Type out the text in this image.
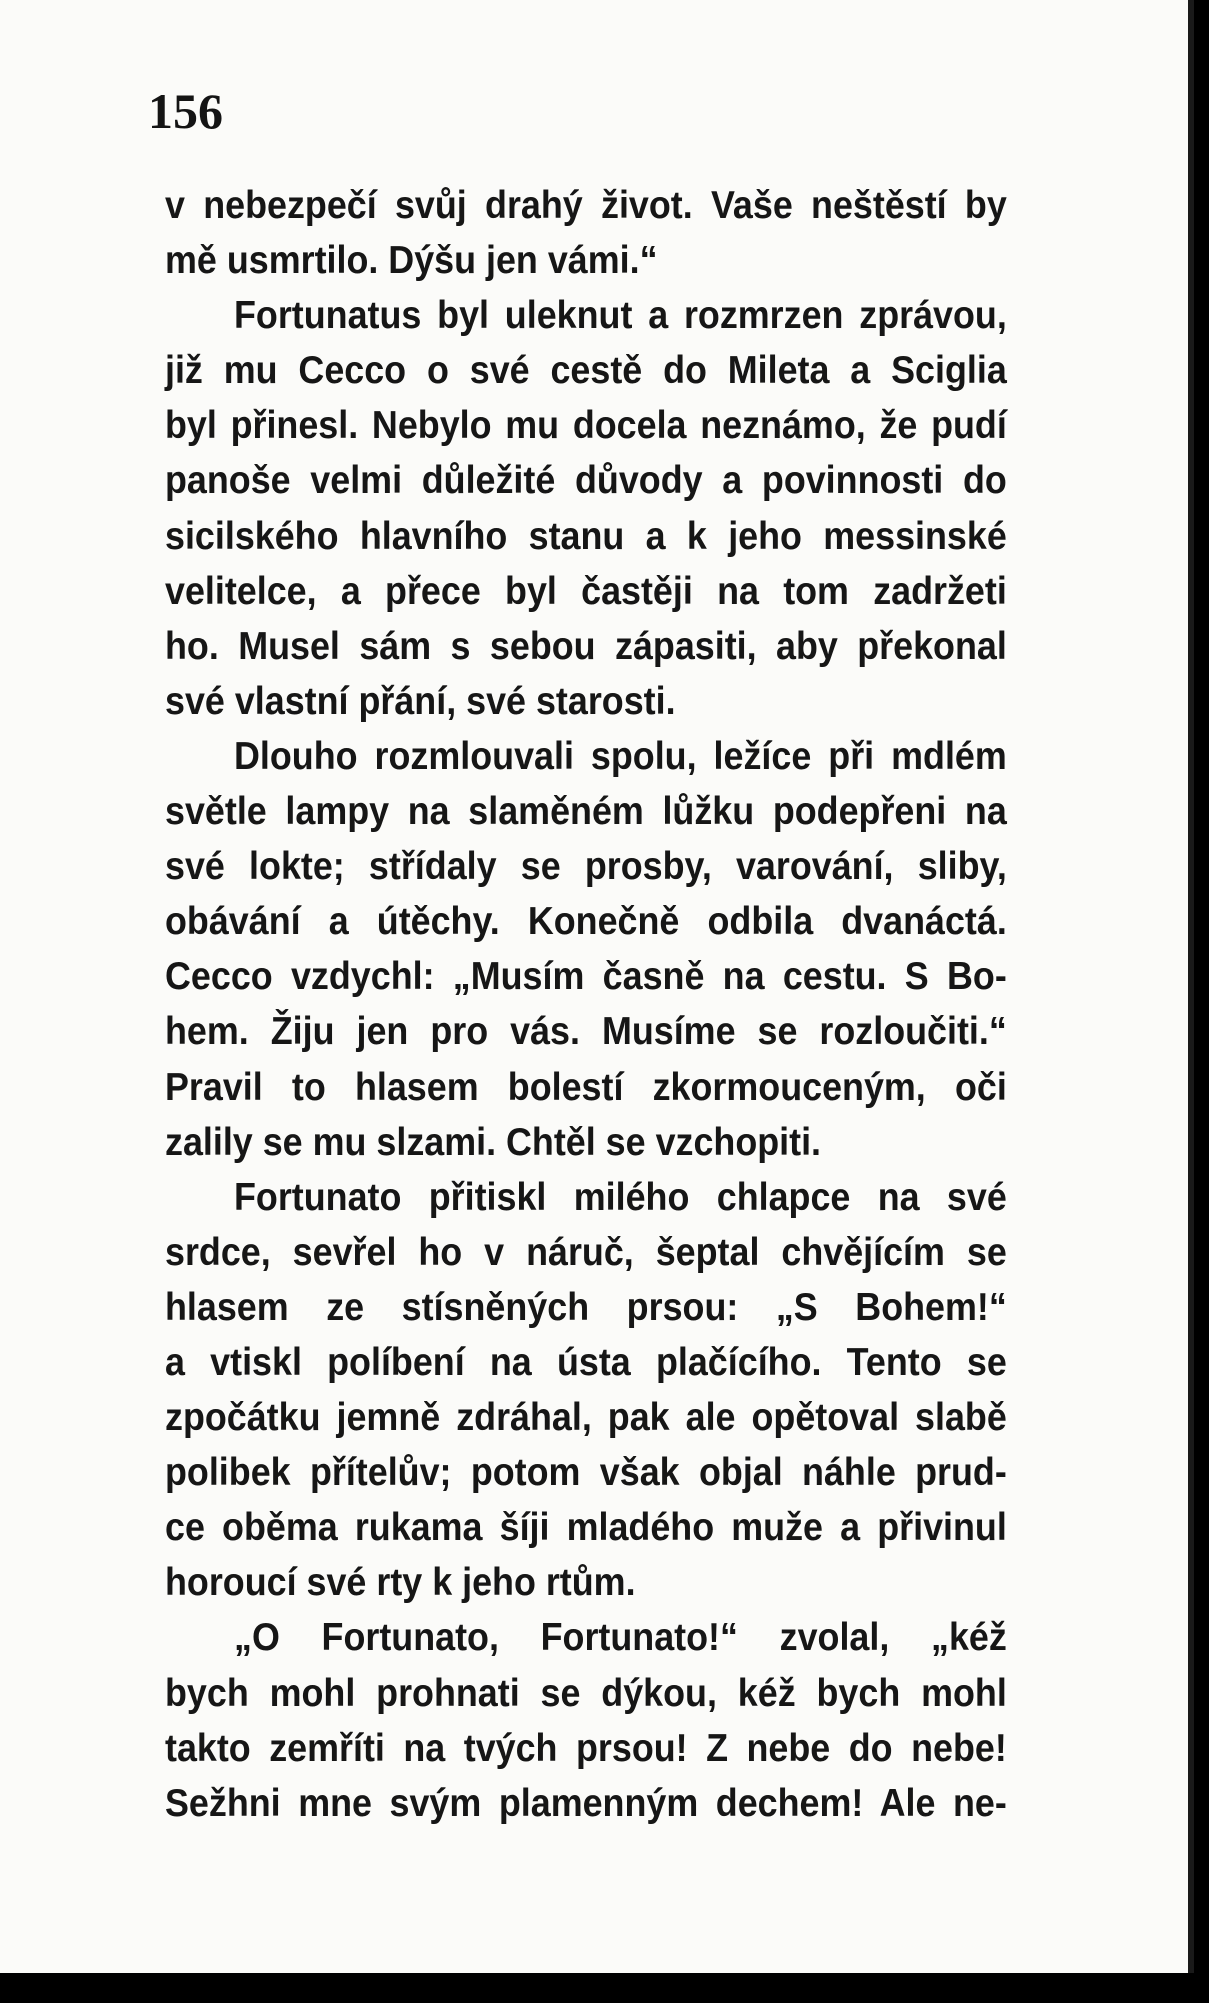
156

v nebezpečí svůj drahý život. Vaše neštěstí by
mě usmrtilo. Dýšu jen vámi.“
Fortunatus byl uleknut a rozmrzen zprávou,
již mu Cecco o své cestě do Mileta a Sciglia
byl přinesl. Nebylo mu docela neznámo, že pudí
panoše velmi důležité důvody a povinnosti do
sicilského hlavního stanu a k jeho messinské
velitelce, a přece byl častěji na tom zadržeti
ho. Musel sám s sebou zápasiti, aby překonal
své vlastní přání, své starosti.
Dlouho rozmlouvali spolu, ležíce při mdlém
světle lampy na slaměném lůžku podepřeni na
své lokte; střídaly se prosby, varování, sliby,
obávání a útěchy. Konečně odbila dvanáctá.
Cecco vzdychl: „Musím časně na cestu. S Bo-
hem. Žiju jen pro vás. Musíme se rozloučiti.“
Pravil to hlasem bolestí zkormouceným, oči
zalily se mu slzami. Chtěl se vzchopiti.
Fortunato přitiskl milého chlapce na své
srdce, sevřel ho v náruč, šeptal chvějícím se
hlasem ze stísněných prsou: „S Bohem!“
a vtiskl políbení na ústa plačícího. Tento se
zpočátku jemně zdráhal, pak ale opětoval slabě
polibek přítelův; potom však objal náhle prud-
ce oběma rukama šíji mladého muže a přivinul
horoucí své rty k jeho rtům.
„O Fortunato, Fortunato!“ zvolal, „kéž
bych mohl prohnati se dýkou, kéž bych mohl
takto zemříti na tvých prsou! Z nebe do nebe!
Sežhni mne svým plamenným dechem! Ale ne-
